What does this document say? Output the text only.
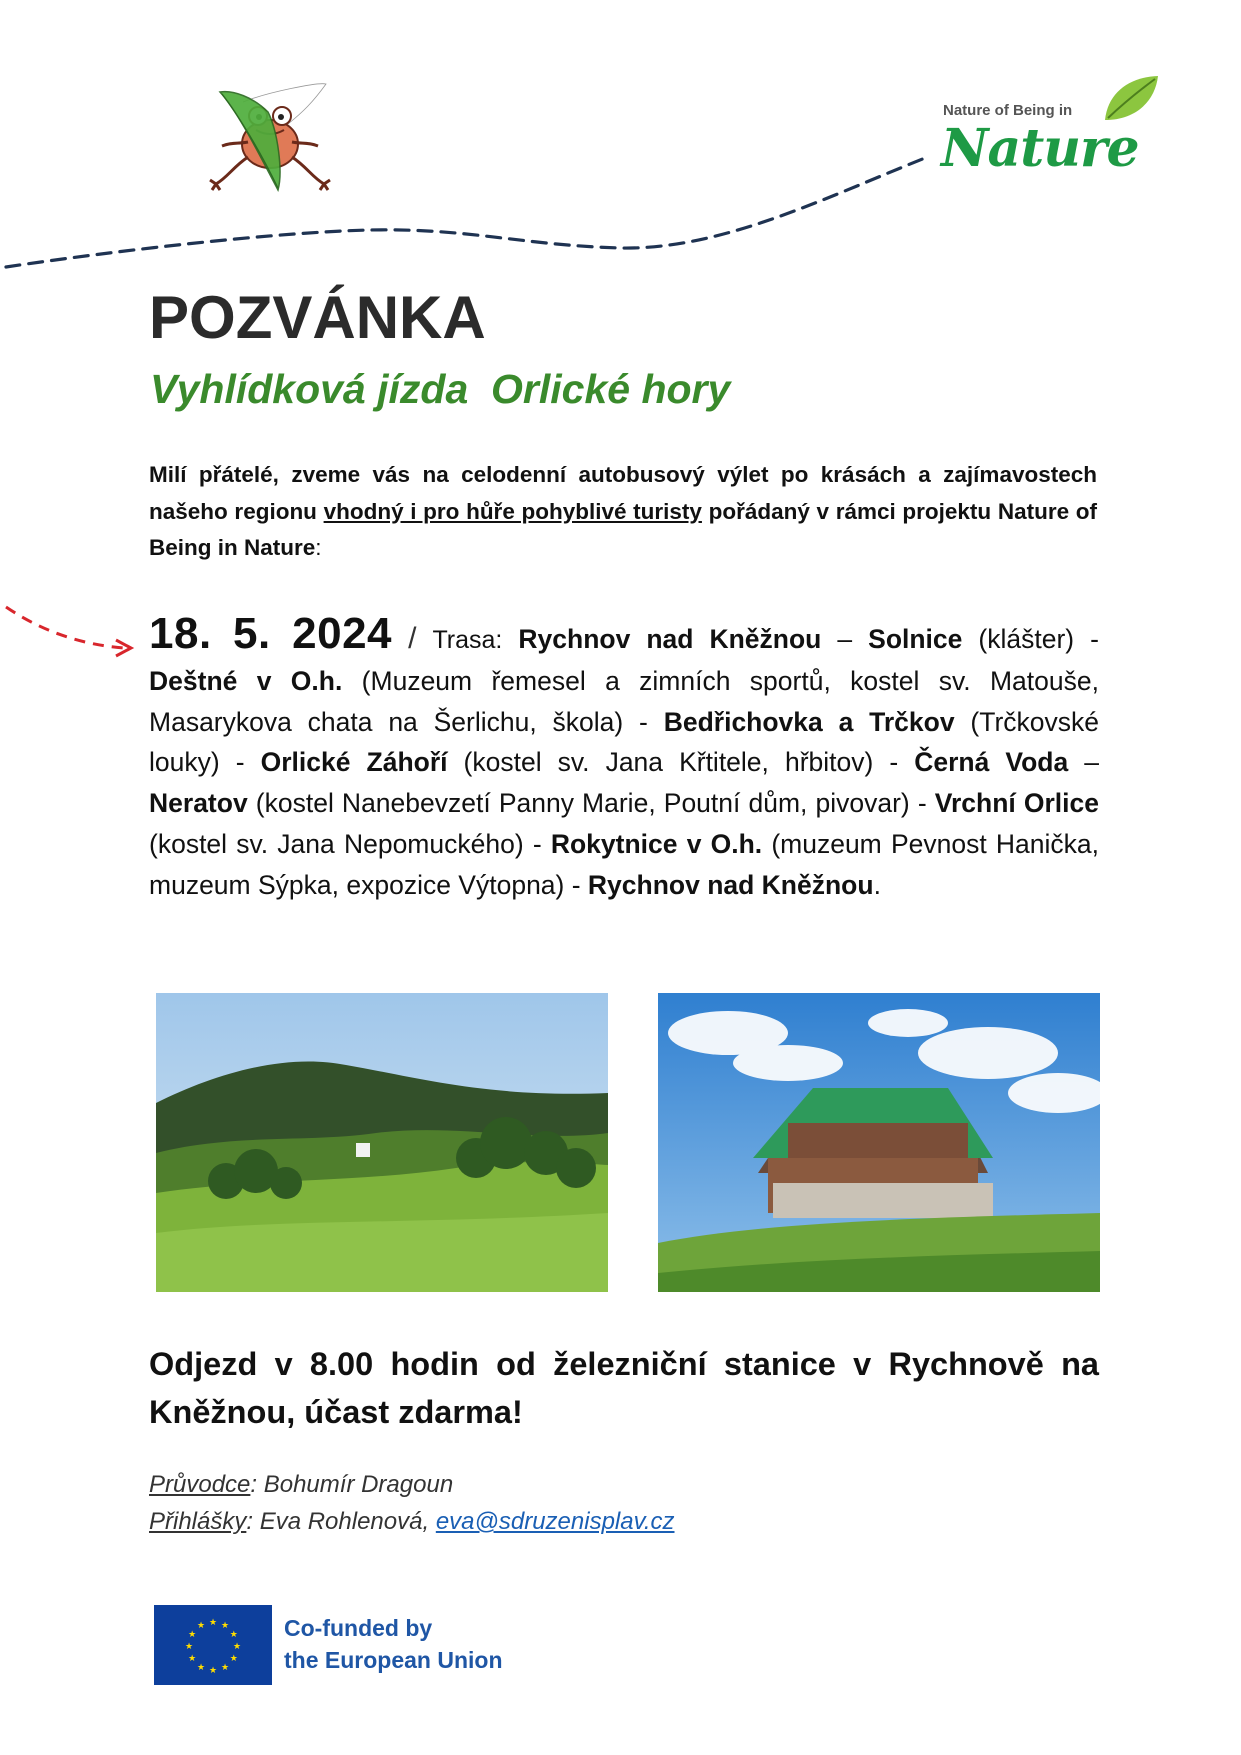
Nature of Being in
Nature
POZVÁNKA
Vyhlídková jízda  Orlické hory
Milí přátelé, zveme vás na celodenní autobusový výlet po krásách a zajímavostech našeho regionu vhodný i pro hůře pohyblivé turisty pořádaný v rámci projektu Nature of Being in Nature:
18. 5. 2024 / Trasa: Rychnov nad Kněžnou – Solnice (klášter) - Deštné v O.h. (Muzeum řemesel a zimních sportů, kostel sv. Matouše, Masarykova chata na Šerlichu, škola) - Bedřichovka a Trčkov (Trčkovské louky) - Orlické Záhoří (kostel sv. Jana Křtitele, hřbitov) - Černá Voda – Neratov (kostel Nanebevzetí Panny Marie, Poutní dům, pivovar) - Vrchní Orlice (kostel sv. Jana Nepomuckého) - Rokytnice v O.h. (muzeum Pevnost Hanička, muzeum Sýpka, expozice Výtopna) - Rychnov nad Kněžnou.
Odjezd v 8.00 hodin od železniční stanice v Rychnově na Kněžnou, účast zdarma!
Průvodce: Bohumír Dragoun
Přihlášky: Eva Rohlenová, eva@sdruzenisplav.cz
★ ★
★
★
★
★
★
★
★
★
★
★	Co-funded by
the European Union
